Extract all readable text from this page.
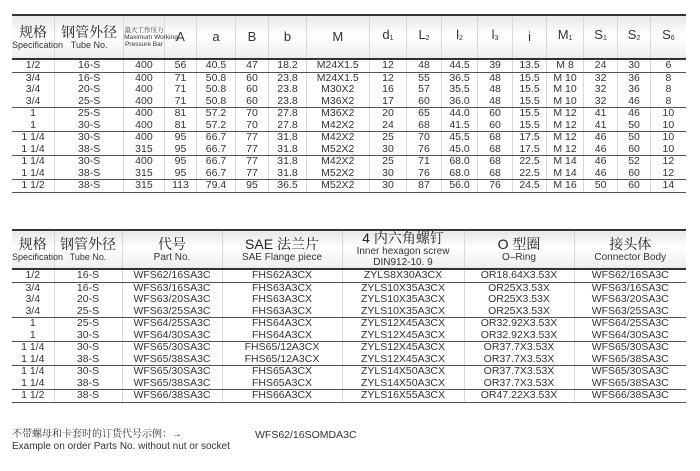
规格
Specification	钢管外径
Tube No.	最大工作压力
Maximum Working
Pressure Bar	A	a	B	b	M	d1	L2	l2	l3	i	M1	S1	S2	S6
1/2	16-S	400	56	40.5	47	18.2	M24X1.5	12	48	44.5	39	13.5	M 8	24	30	6
3/4	16-S	400	71	50.8	60	23.8	M24X1.5	12	55	36.5	48	15.5	M 10	32	36	8
3/4	20-S	400	71	50.8	60	23.8	M30X2	16	57	35.5	48	15.5	M 10	32	36	8
3/4	25-S	400	71	50.8	60	23.8	M36X2	17	60	36.0	48	15.5	M 10	32	46	8
1	25-S	400	81	57.2	70	27.8	M36X2	20	65	44.0	60	15.5	M 12	41	46	10
1	30-S	400	81	57.2	70	27.8	M42X2	24	68	41.5	60	15.5	M 12	41	50	10
1 1/4	30-S	400	95	66.7	77	31.8	M42X2	25	70	45.5	68	17.5	M 12	46	50	10
1 1/4	38-S	315	95	66.7	77	31.8	M52X2	30	76	45.0	68	17.5	M 12	46	60	10
1 1/4	30-S	400	95	66.7	77	31.8	M42X2	25	71	68.0	68	22.5	M 14	46	52	12
1 1/4	38-S	315	95	66.7	77	31.8	M52X2	30	76	68.0	68	22.5	M 14	46	60	12
1 1/2	38-S	315	113	79.4	95	36.5	M52X2	30	87	56.0	76	24.5	M 16	50	60	14
规格
Specification	钢管外径
Tube No.	代号
Part No.	SAE 法兰片
SAE Flange piece	4 内六角螺钉
Inner hexagon screw
DIN912-10. 9	O 型圈
O–Ring	接头体
Connector Body

1/2	16-S	WFS62/16SA3C	FHS62A3CX	ZYLS8X30A3CX	OR18.64X3.53X	WFS62/16SA3C
3/4	16-S	WFS63/16SA3C	FHS63A3CX	ZYLS10X35A3CX	OR25X3.53X	WFS63/16SA3C
3/4	20-S	WFS63/20SA3C	FHS63A3CX	ZYLS10X35A3CX	OR25X3.53X	WFS63/20SA3C
3/4	25-S	WFS63/25SA3C	FHS63A3CX	ZYLS10X35A3CX	OR25X3.53X	WFS63/25SA3C
1	25-S	WFS64/25SA3C	FHS64A3CX	ZYLS12X45A3CX	OR32.92X3.53X	WFS64/25SA3C
1	30-S	WFS64/30SA3C	FHS64A3CX	ZYLS12X45A3CX	OR32.92X3.53X	WFS64/30SA3C
1 1/4	30-S	WFS65/30SA3C	FHS65/12A3CX	ZYLS12X45A3CX	OR37.7X3.53X	WFS65/30SA3C
1 1/4	38-S	WFS65/38SA3C	FHS65/12A3CX	ZYLS12X45A3CX	OR37.7X3.53X	WFS65/38SA3C
1 1/4	30-S	WFS65/30SA3C	FHS65A3CX	ZYLS14X50A3CX	OR37.7X3.53X	WFS65/30SA3C
1 1/4	38-S	WFS65/38SA3C	FHS65A3CX	ZYLS14X50A3CX	OR37.7X3.53X	WFS65/38SA3C
1 1/2	38-S	WFS66/38SA3C	FHS66A3CX	ZYLS16X55A3CX	OR47.22X3.53X	WFS66/38SA3C
不带螺母和卡套时的订货代号示例：→
Example on order Parts No. without nut or socket
WFS62/16SOMDA3C
